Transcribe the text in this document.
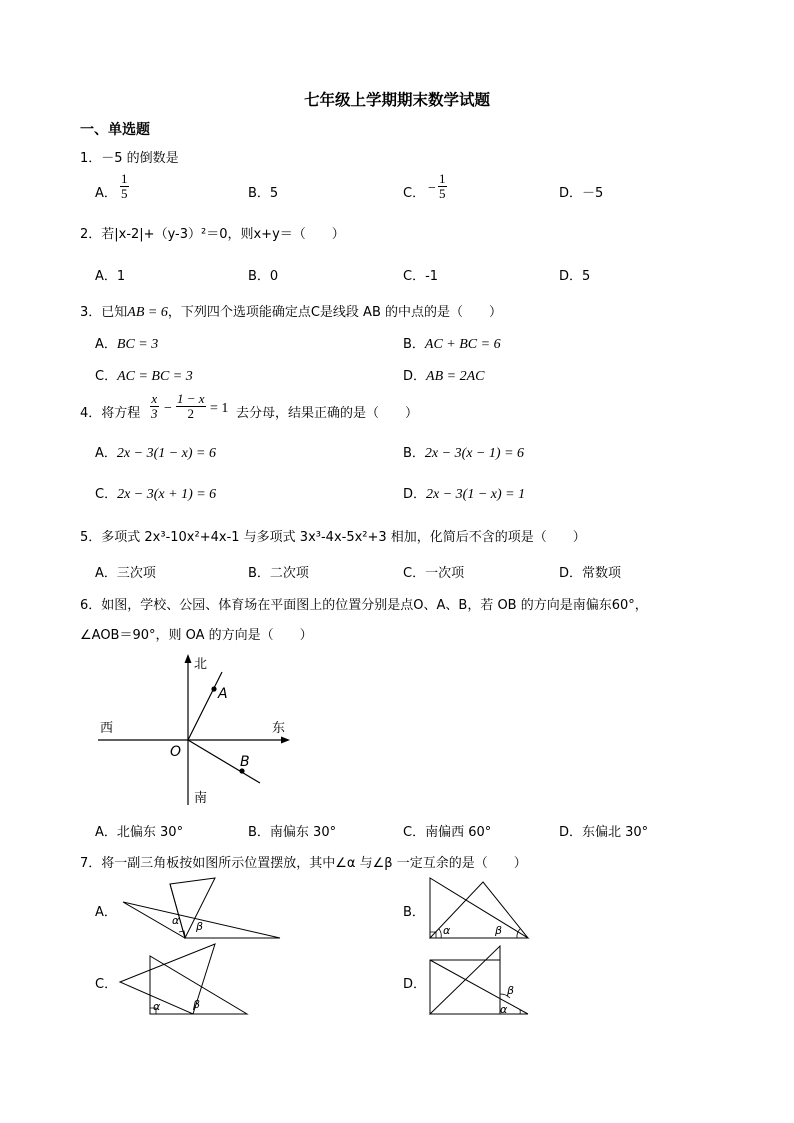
七年级上学期期末数学试题
一、单选题
1．－5 的倒数是
A．
1
5	B．5	C． −
1
5	D．－5
2．若|x-2|+（y-3）²＝0，则x+y＝（　　）
A．1	B．0	C．-1	D．5
3．已知AB = 6，下列四个选项能确定点C是线段 AB 的中点的是（　　）
A．BC = 3	B．AC + BC = 6
C．AC = BC = 3	D．AB = 2AC
4．将方程
x
3 −
1 − x
2 = 1 去分母，结果正确的是（　　）
A．2x − 3(1 − x) = 6	B．2x − 3(x − 1) = 6
C．2x − 3(x + 1) = 6	D．2x − 3(1 − x) = 1
5．多项式 2x³-10x²+4x-1 与多项式 3x³-4x-5x²+3 相加，化简后不含的项是（　　）
A．三次项	B．二次项	C．一次项	D．常数项
6．如图，学校、公园、体育场在平面图上的位置分别是点O、A、B，若 OB 的方向是南偏东60°，
∠AOB＝90°，则 OA 的方向是（　　）
北
南
西	东
O
A
B
A．北偏东 30°	B．南偏东 30°	C．南偏西 60°	D．东偏北 30°
7．将一副三角板按如图所示位置摆放，其中∠α 与∠β 一定互余的是（　　）
A．
α β
B．
α	β
C．
α	β
D．	β
α
